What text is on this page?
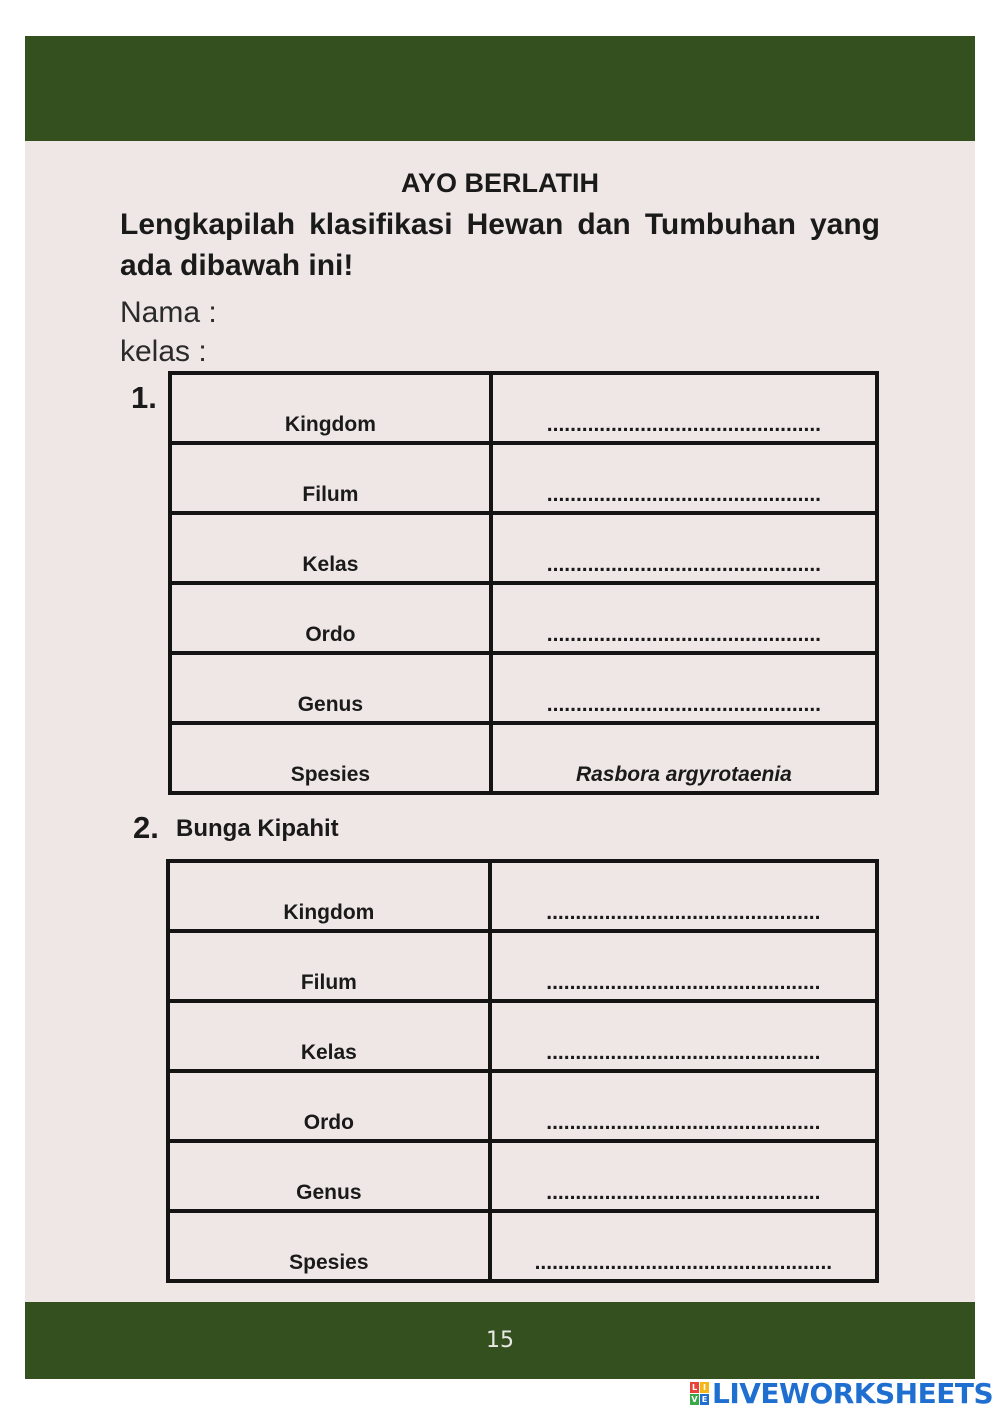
AYO BERLATIH

Lengkapilah klasifikasi Hewan dan Tumbuhan yang ada dibawah ini!

Nama :
kelas :
1.
Kingdom	...............................................
Filum	...............................................
Kelas	...............................................
Ordo	...............................................
Genus	...............................................
Spesies	Rasbora argyrotaenia
2. Bunga Kipahit
Kingdom	...............................................
Filum	...............................................
Kelas	...............................................
Ordo	...............................................
Genus	...............................................
Spesies	...................................................
15
L I
V E LIVEWORKSHEETS
